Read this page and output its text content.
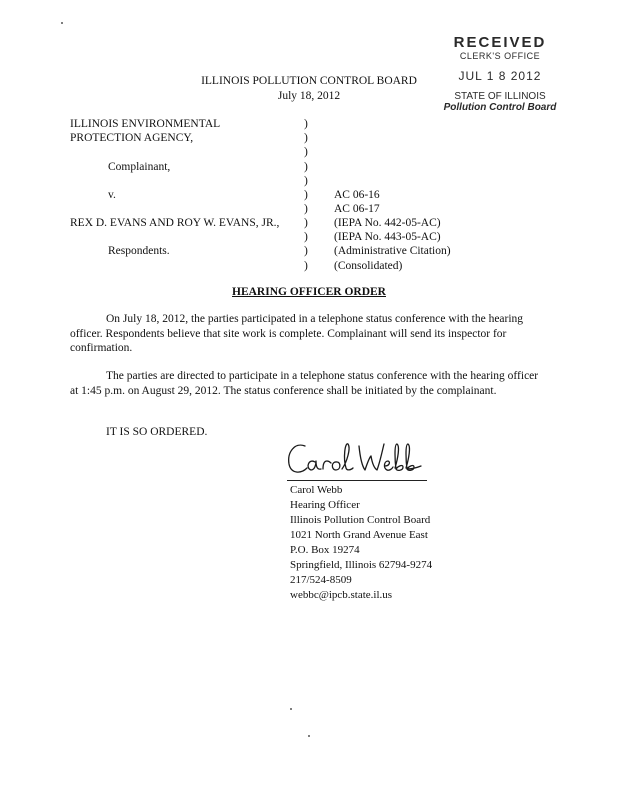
RECEIVED
CLERK'S OFFICE
JUL 1 8 2012
STATE OF ILLINOIS
Pollution Control Board
ILLINOIS POLLUTION CONTROL BOARD
July 18, 2012
ILLINOIS ENVIRONMENTAL
PROTECTION AGENCY,
Complainant,
v.
REX D. EVANS AND ROY W. EVANS, JR.,
Respondents.
)
)
)
)
)
)
)
)
)
)
)
AC 06-16
AC 06-17
(IEPA No. 442-05-AC)
(IEPA No. 443-05-AC)
(Administrative Citation)
(Consolidated)
HEARING OFFICER ORDER

On July 18, 2012, the parties participated in a telephone status conference with the hearing officer. Respondents believe that site work is complete. Complainant will send its inspector for confirmation.

The parties are directed to participate in a telephone status conference with the hearing officer at 1:45 p.m. on August 29, 2012. The status conference shall be initiated by the complainant.

IT IS SO ORDERED.
Carol Webb
Hearing Officer
Illinois Pollution Control Board
1021 North Grand Avenue East
P.O. Box 19274
Springfield, Illinois 62794-9274
217/524-8509
webbc@ipcb.state.il.us
